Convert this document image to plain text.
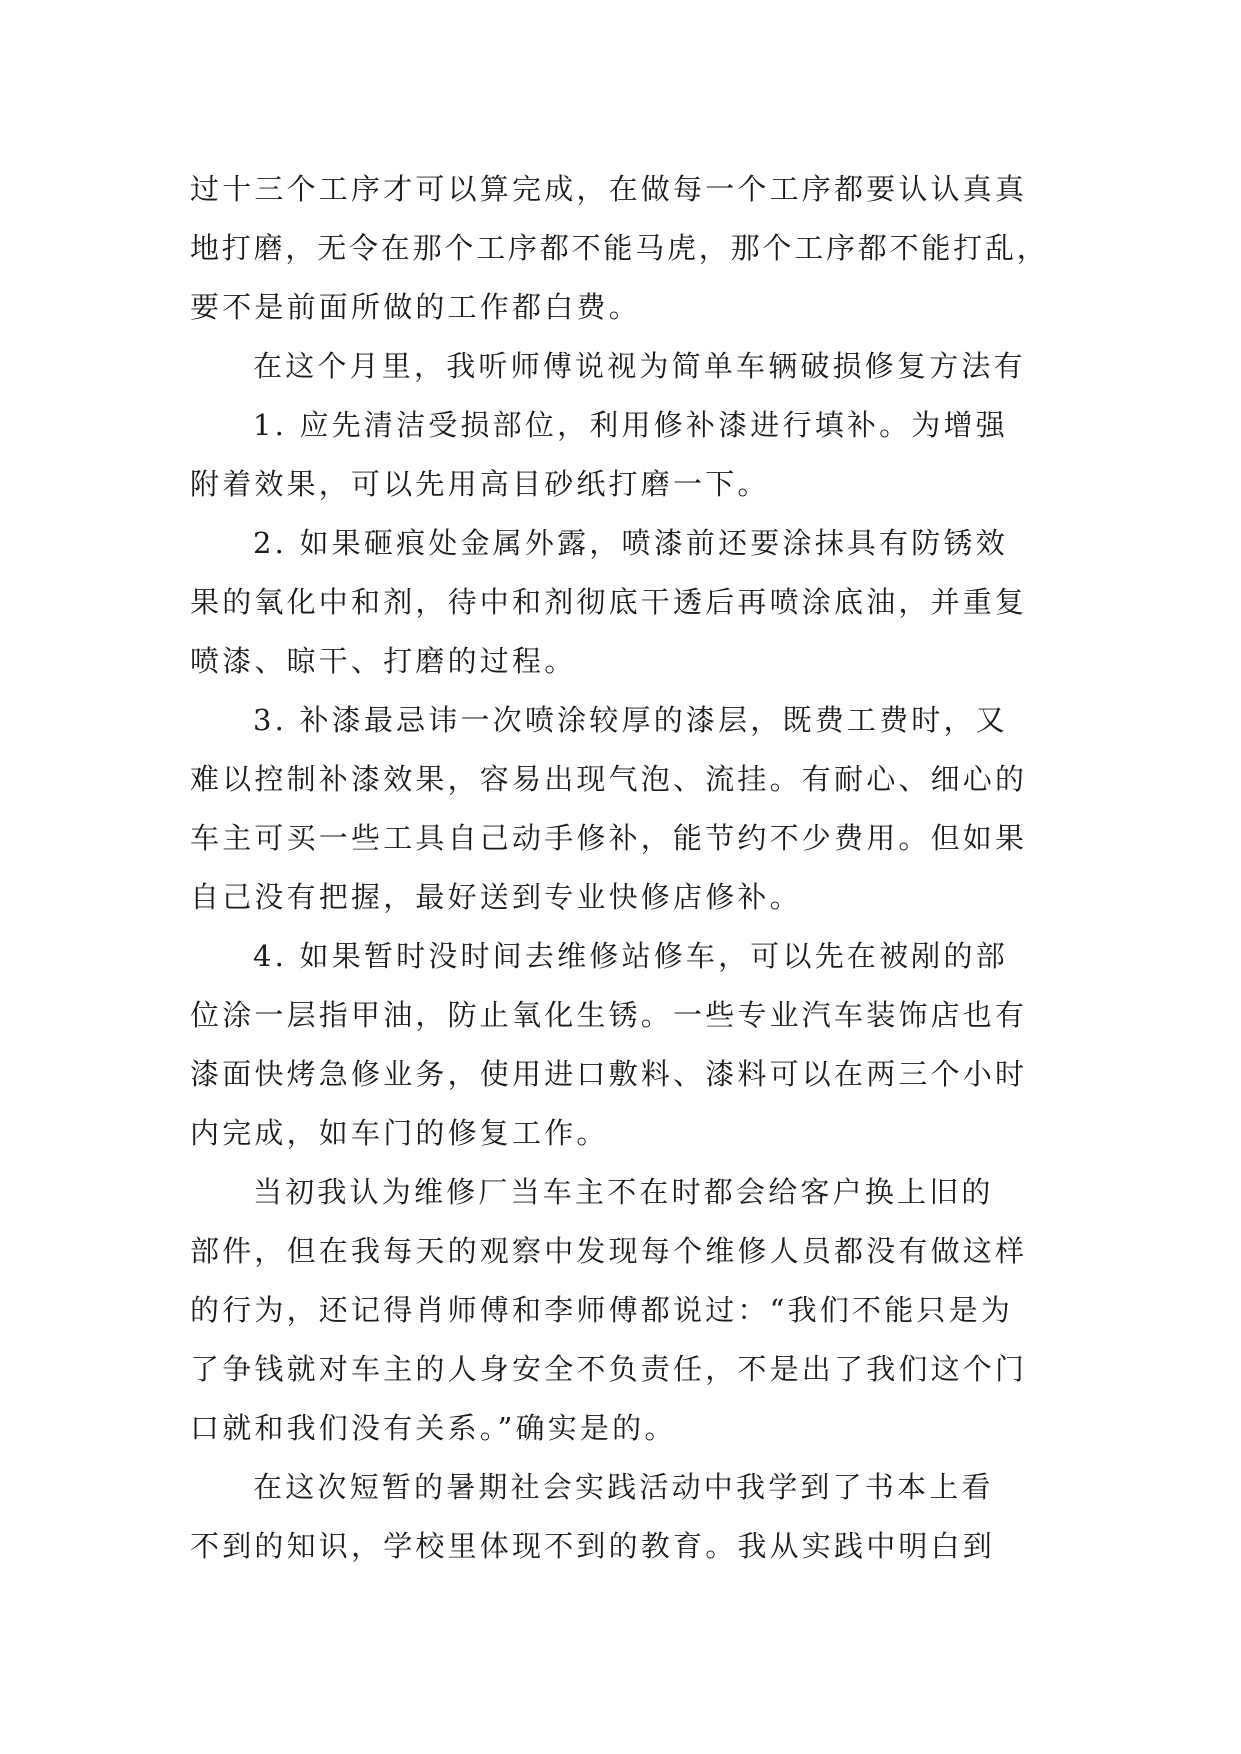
过十三个工序才可以算完成，在做每一个工序都要认认真真
地打磨，无令在那个工序都不能马虎，那个工序都不能打乱，
要不是前面所做的工作都白费。
在这个月里，我听师傅说视为简单车辆破损修复方法有
1. 应先清洁受损部位，利用修补漆进行填补。为增强
附着效果，可以先用高目砂纸打磨一下。
2. 如果砸痕处金属外露，喷漆前还要涂抹具有防锈效
果的氧化中和剂，待中和剂彻底干透后再喷涂底油，并重复
喷漆、晾干、打磨的过程。
3. 补漆最忌讳一次喷涂较厚的漆层，既费工费时，又
难以控制补漆效果，容易出现气泡、流挂。有耐心、细心的
车主可买一些工具自己动手修补，能节约不少费用。但如果
自己没有把握，最好送到专业快修店修补。
4. 如果暂时没时间去维修站修车，可以先在被剐的部
位涂一层指甲油，防止氧化生锈。一些专业汽车装饰店也有
漆面快烤急修业务，使用进口敷料、漆料可以在两三个小时
内完成，如车门的修复工作。
当初我认为维修厂当车主不在时都会给客户换上旧的
部件，但在我每天的观察中发现每个维修人员都没有做这样
的行为，还记得肖师傅和李师傅都说过：“我们不能只是为
了争钱就对车主的人身安全不负责任，不是出了我们这个门
口就和我们没有关系。”确实是的。
在这次短暂的暑期社会实践活动中我学到了书本上看
不到的知识，学校里体现不到的教育。我从实践中明白到
